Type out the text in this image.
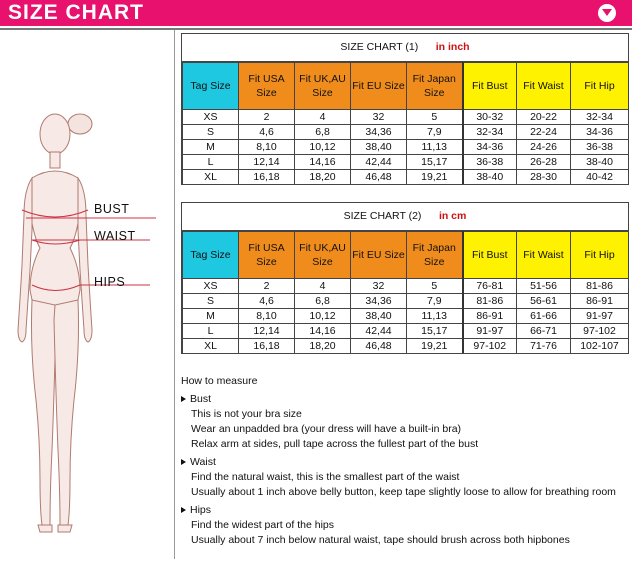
SIZE CHART
BUST
WAIST
HIPS
SIZE CHART (1) in inch
Tag Size	Fit USA Size	Fit UK,AU Size	Fit EU Size	Fit Japan Size	Fit Bust	Fit Waist	Fit Hip
XS	2	4	32	5	30-32	20-22	32-34
S	4,6	6,8	34,36	7,9	32-34	22-24	34-36
M	8,10	10,12	38,40	11,13	34-36	24-26	36-38
L	12,14	14,16	42,44	15,17	36-38	26-28	38-40
XL	16,18	18,20	46,48	19,21	38-40	28-30	40-42
SIZE CHART (2) in cm
Tag Size	Fit USA Size	Fit UK,AU Size	Fit EU Size	Fit Japan Size	Fit Bust	Fit Waist	Fit Hip
XS	2	4	32	5	76-81	51-56	81-86
S	4,6	6,8	34,36	7,9	81-86	56-61	86-91
M	8,10	10,12	38,40	11,13	86-91	61-66	91-97
L	12,14	14,16	42,44	15,17	91-97	66-71	97-102
XL	16,18	18,20	46,48	19,21	97-102	71-76	102-107
How to measure
Bust
This is not your bra size
Wear an unpadded bra (your dress will have a built-in bra)
Relax arm at sides, pull tape across the fullest part of the bust
Waist
Find the natural waist, this is the smallest part of the waist
Usually about 1 inch above belly button, keep tape slightly loose to allow for breathing room
Hips
Find the widest part of the hips
Usually about 7 inch below natural waist, tape should brush across both hipbones
